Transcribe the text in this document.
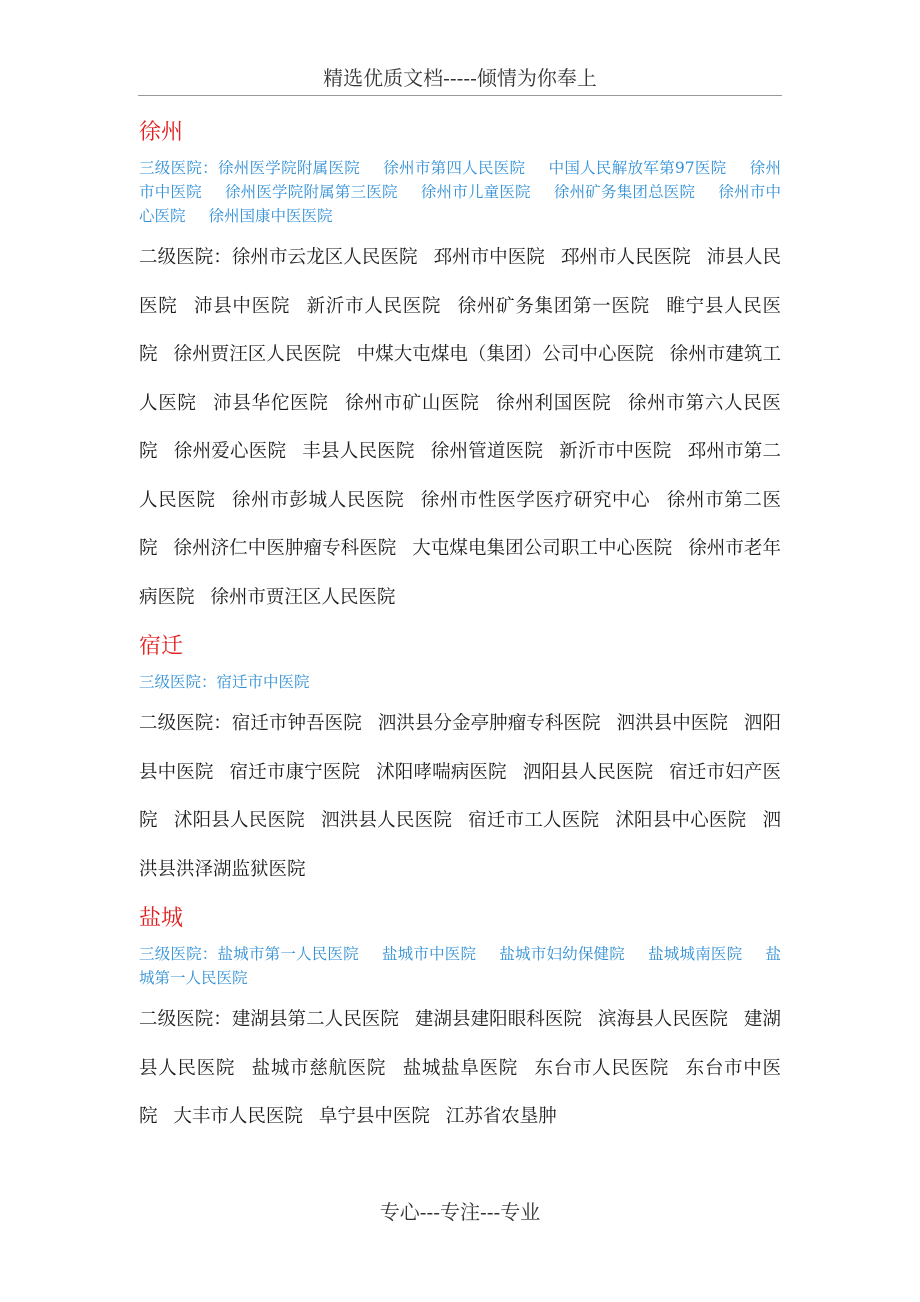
精选优质文档-----倾情为你奉上
徐州

三级医院：徐州医学院附属医院 徐州市第四人民医院 中国人民解放军第97医院 徐州市中医院 徐州医学院附属第三医院 徐州市儿童医院 徐州矿务集团总医院 徐州市中心医院 徐州国康中医医院

二级医院：徐州市云龙区人民医院 邳州市中医院 邳州市人民医院 沛县人民医院 沛县中医院 新沂市人民医院 徐州矿务集团第一医院 睢宁县人民医院 徐州贾汪区人民医院 中煤大屯煤电（集团）公司中心医院 徐州市建筑工人医院 沛县华佗医院 徐州市矿山医院 徐州利国医院 徐州市第六人民医院 徐州爱心医院 丰县人民医院 徐州管道医院 新沂市中医院 邳州市第二人民医院 徐州市彭城人民医院 徐州市性医学医疗研究中心 徐州市第二医院 徐州济仁中医肿瘤专科医院 大屯煤电集团公司职工中心医院 徐州市老年病医院 徐州市贾汪区人民医院

宿迁

三级医院：宿迁市中医院

二级医院：宿迁市钟吾医院 泗洪县分金亭肿瘤专科医院 泗洪县中医院 泗阳县中医院 宿迁市康宁医院 沭阳哮喘病医院 泗阳县人民医院 宿迁市妇产医院 沭阳县人民医院 泗洪县人民医院 宿迁市工人医院 沭阳县中心医院 泗洪县洪泽湖监狱医院

盐城

三级医院：盐城市第一人民医院 盐城市中医院 盐城市妇幼保健院 盐城城南医院 盐城第一人民医院

二级医院：建湖县第二人民医院 建湖县建阳眼科医院 滨海县人民医院 建湖县人民医院 盐城市慈航医院 盐城盐阜医院 东台市人民医院 东台市中医院 大丰市人民医院 阜宁县中医院 江苏省农垦肿

专心---专注---专业
